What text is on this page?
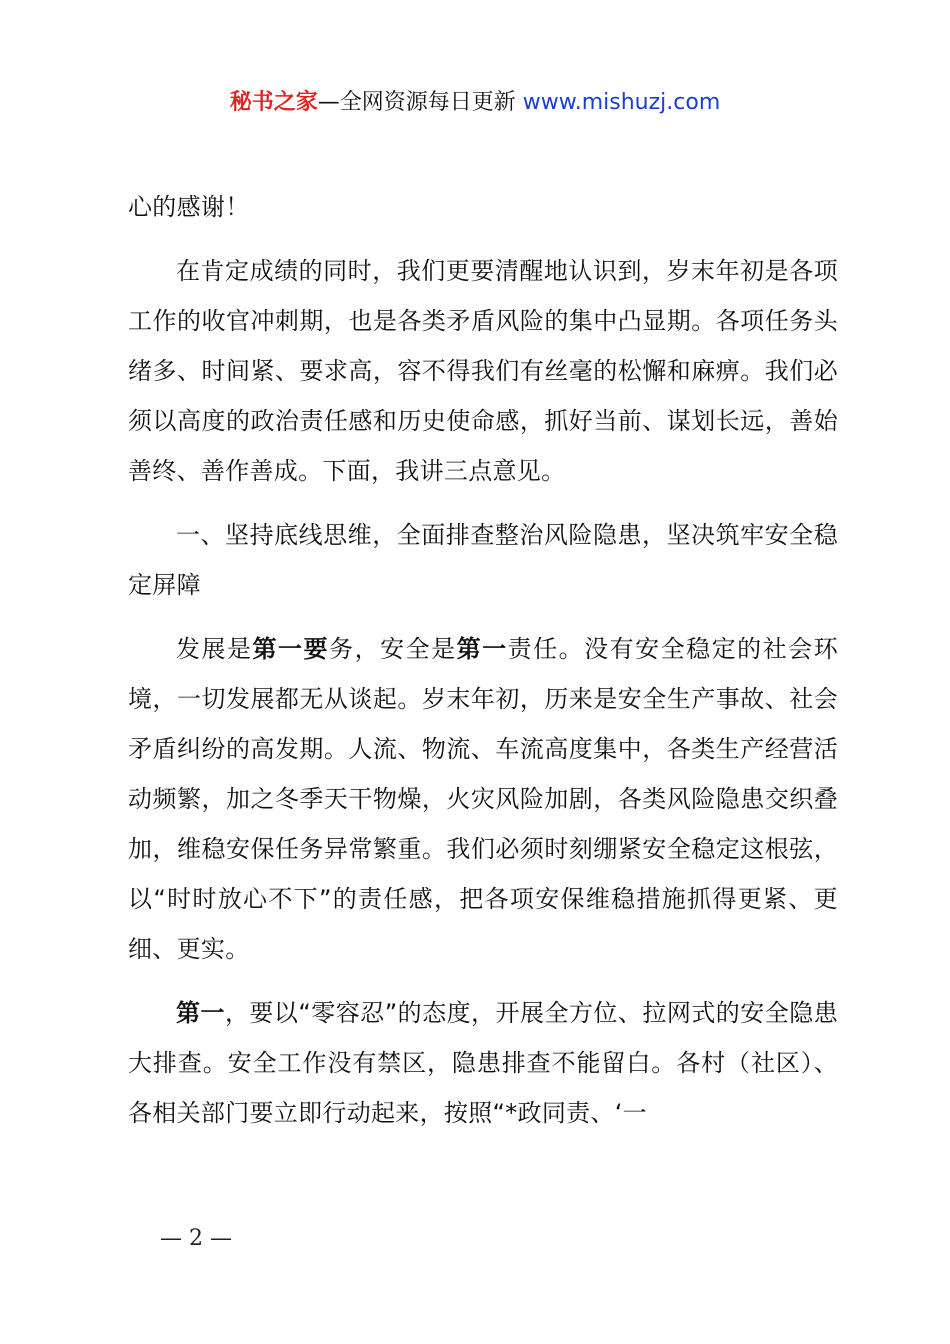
秘书之家—全网资源每日更新 www.mishuzj.com

心的感谢！

在肯定成绩的同时，我们更要清醒地认识到，岁末年初是各项工作的收官冲刺期，也是各类矛盾风险的集中凸显期。各项任务头绪多、时间紧、要求高，容不得我们有丝毫的松懈和麻痹。我们必须以高度的政治责任感和历史使命感，抓好当前、谋划长远，善始善终、善作善成。下面，我讲三点意见。

一、坚持底线思维，全面排查整治风险隐患，坚决筑牢安全稳定屏障

发展是第一要务，安全是第一责任。没有安全稳定的社会环境，一切发展都无从谈起。岁末年初，历来是安全生产事故、社会矛盾纠纷的高发期。人流、物流、车流高度集中，各类生产经营活动频繁，加之冬季天干物燥，火灾风险加剧，各类风险隐患交织叠加，维稳安保任务异常繁重。我们必须时刻绷紧安全稳定这根弦，以“时时放心不下”的责任感，把各项安保维稳措施抓得更紧、更细、更实。

第一，要以“零容忍”的态度，开展全方位、拉网式的安全隐患大排查。安全工作没有禁区，隐患排查不能留白。各村（社区）、各相关部门要立即行动起来，按照“*政同责、‘一

— 2 —
